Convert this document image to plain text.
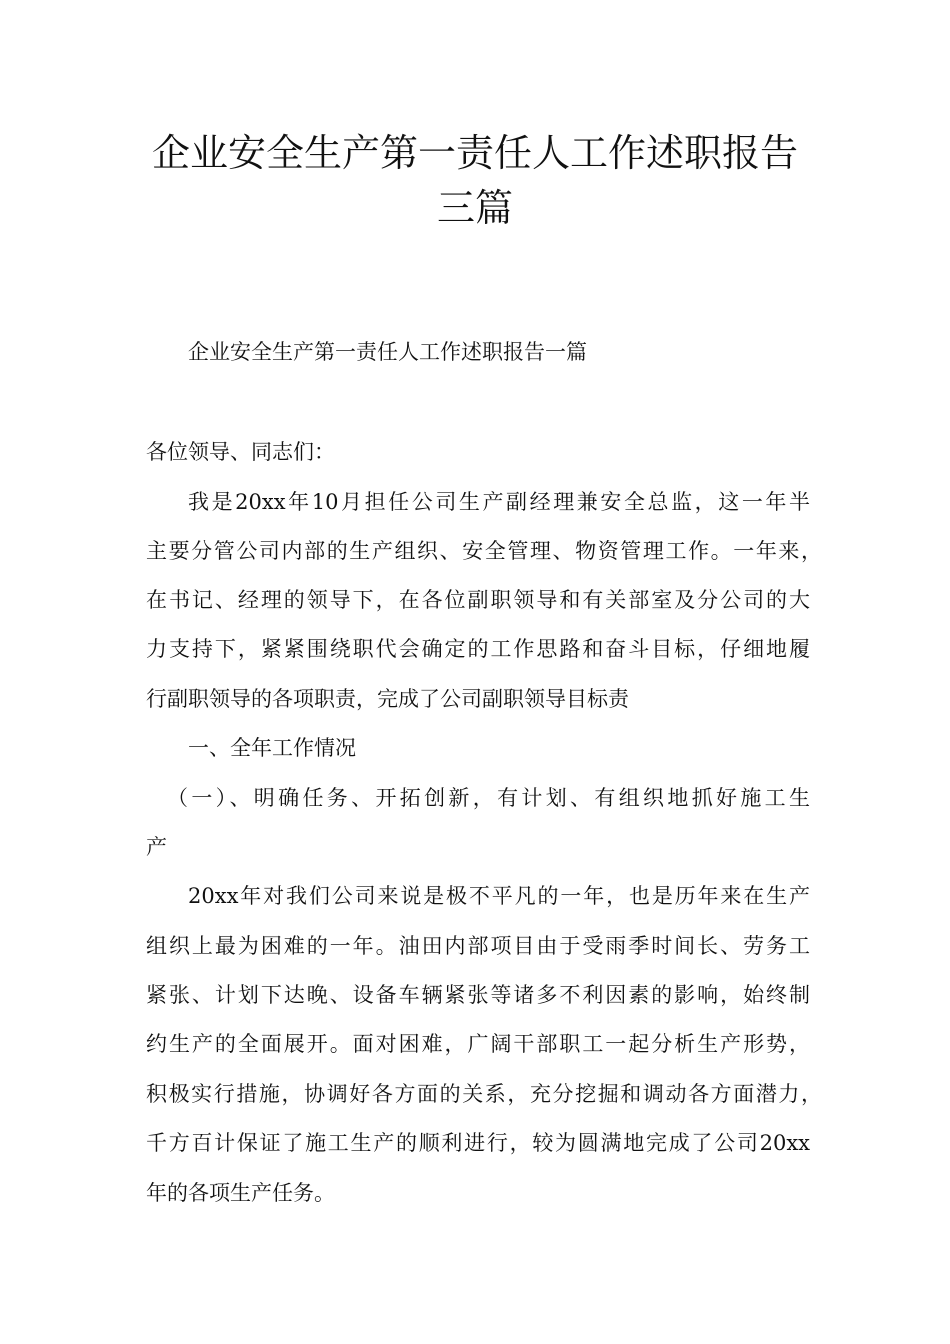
企业安全生产第一责任人工作述职报告
三篇
企业安全生产第一责任人工作述职报告一篇
各位领导、同志们：
我是20xx年10月担任公司生产副经理兼安全总监，这一年半
主要分管公司内部的生产组织、安全管理、物资管理工作。一年来，
在书记、经理的领导下，在各位副职领导和有关部室及分公司的大
力支持下，紧紧围绕职代会确定的工作思路和奋斗目标，仔细地履
行副职领导的各项职责，完成了公司副职领导目标责
一、全年工作情况
（一）、明确任务、开拓创新，有计划、有组织地抓好施工生
产
20xx年对我们公司来说是极不平凡的一年，也是历年来在生产
组织上最为困难的一年。油田内部项目由于受雨季时间长、劳务工
紧张、计划下达晚、设备车辆紧张等诸多不利因素的影响，始终制
约生产的全面展开。面对困难，广阔干部职工一起分析生产形势，
积极实行措施，协调好各方面的关系，充分挖掘和调动各方面潜力，
千方百计保证了施工生产的顺利进行，较为圆满地完成了公司20xx
年的各项生产任务。
